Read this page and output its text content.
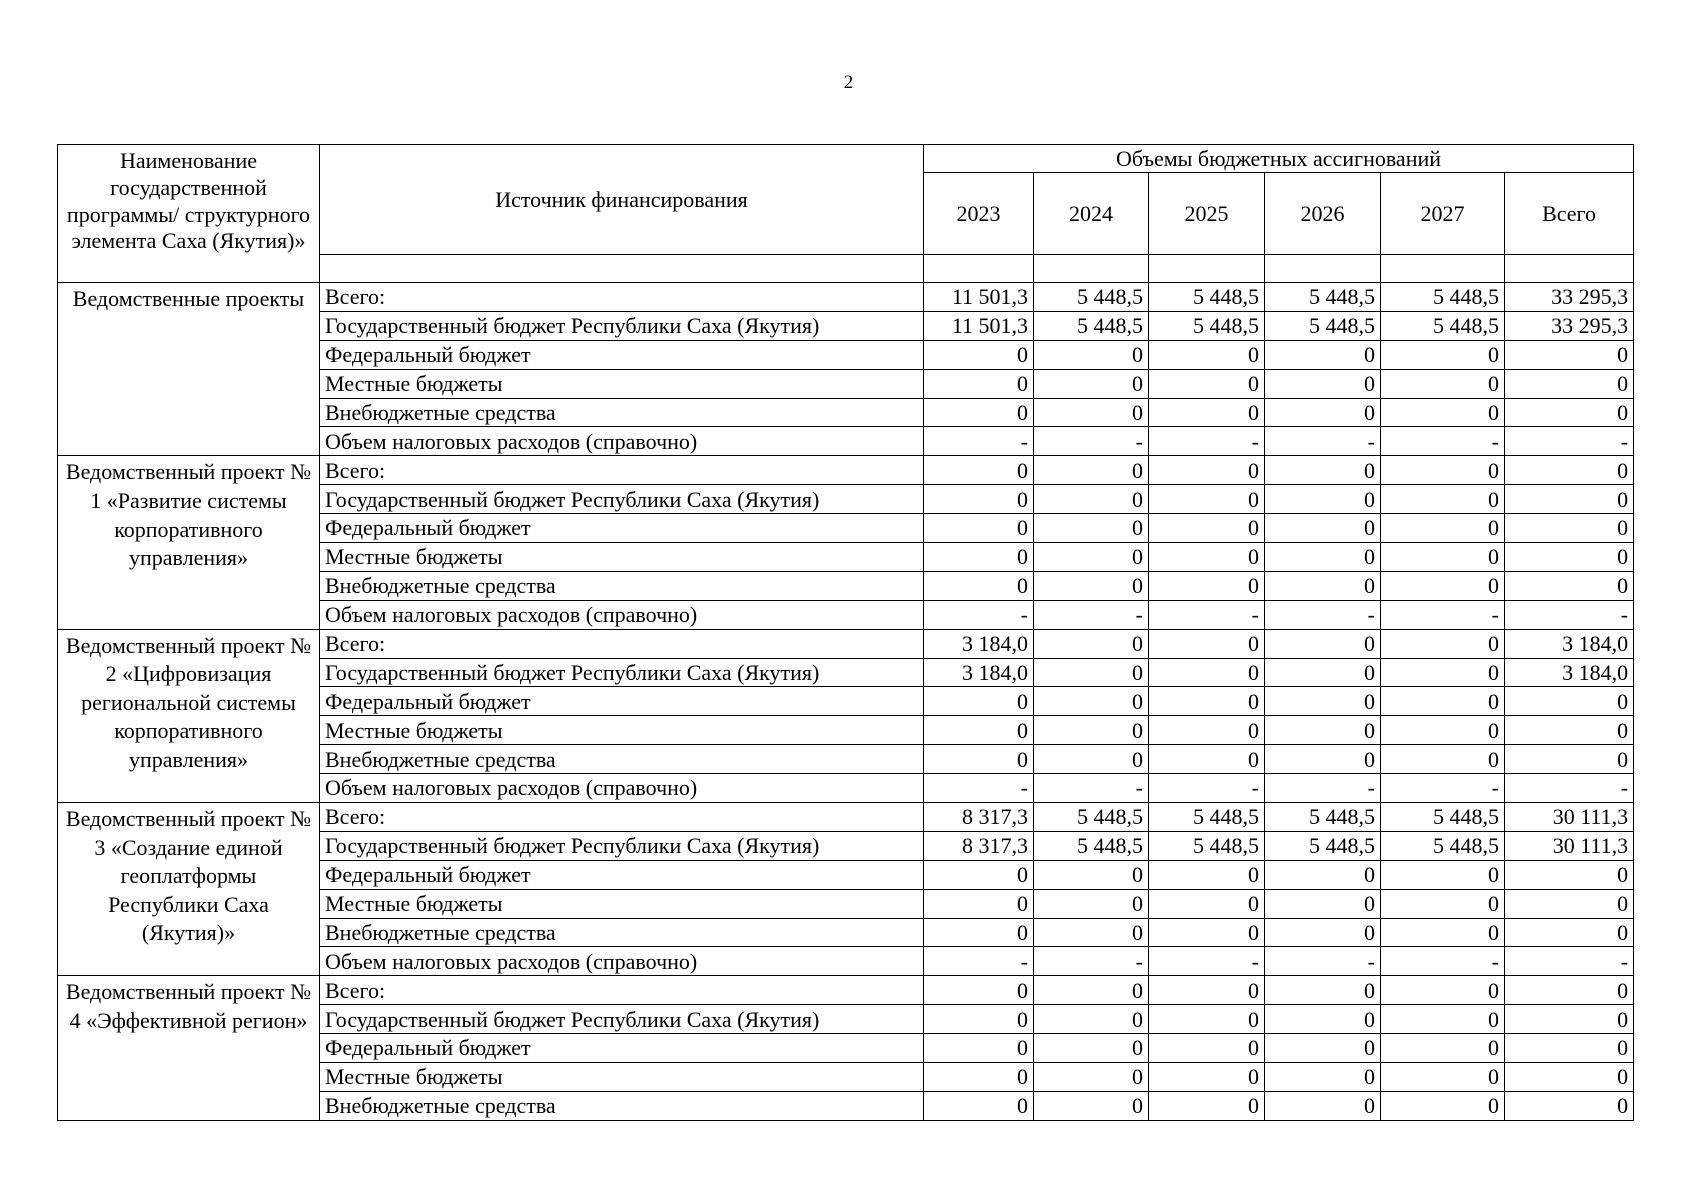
2
Наименование государственной программы/ структурного элемента Саха (Якутия)»	Источник финансирования	Объемы бюджетных ассигнований					
		2023	2024	2025	2026	2027	Всего

Ведомственные проекты	Всего:	11 501,3	5 448,5	5 448,5	5 448,5	5 448,5	33 295,3
	Государственный бюджет Республики Саха (Якутия)	11 501,3	5 448,5	5 448,5	5 448,5	5 448,5	33 295,3
	Федеральный бюджет	0	0	0	0	0	0
	Местные бюджеты	0	0	0	0	0	0
	Внебюджетные средства	0	0	0	0	0	0
	Объем налоговых расходов (справочно)	-	-	-	-	-	-
Ведомственный проект № 1 «Развитие системы корпоративного управления»	Всего:	0	0	0	0	0	0
	Государственный бюджет Республики Саха (Якутия)	0	0	0	0	0	0
	Федеральный бюджет	0	0	0	0	0	0
	Местные бюджеты	0	0	0	0	0	0
	Внебюджетные средства	0	0	0	0	0	0
	Объем налоговых расходов (справочно)	-	-	-	-	-	-
Ведомственный проект № 2 «Цифровизация региональной системы корпоративного управления»	Всего:	3 184,0	0	0	0	0	3 184,0
	Государственный бюджет Республики Саха (Якутия)	3 184,0	0	0	0	0	3 184,0
	Федеральный бюджет	0	0	0	0	0	0
	Местные бюджеты	0	0	0	0	0	0
	Внебюджетные средства	0	0	0	0	0	0
	Объем налоговых расходов (справочно)	-	-	-	-	-	-
Ведомственный проект № 3 «Создание единой геоплатформы Республики Саха (Якутия)»	Всего:	8 317,3	5 448,5	5 448,5	5 448,5	5 448,5	30 111,3
	Государственный бюджет Республики Саха (Якутия)	8 317,3	5 448,5	5 448,5	5 448,5	5 448,5	30 111,3
	Федеральный бюджет	0	0	0	0	0	0
	Местные бюджеты	0	0	0	0	0	0
	Внебюджетные средства	0	0	0	0	0	0
	Объем налоговых расходов (справочно)	-	-	-	-	-	-
Ведомственный проект № 4 «Эффективной регион»	Всего:	0	0	0	0	0	0
	Государственный бюджет Республики Саха (Якутия)	0	0	0	0	0	0
	Федеральный бюджет	0	0	0	0	0	0
	Местные бюджеты	0	0	0	0	0	0
	Внебюджетные средства	0	0	0	0	0	0
